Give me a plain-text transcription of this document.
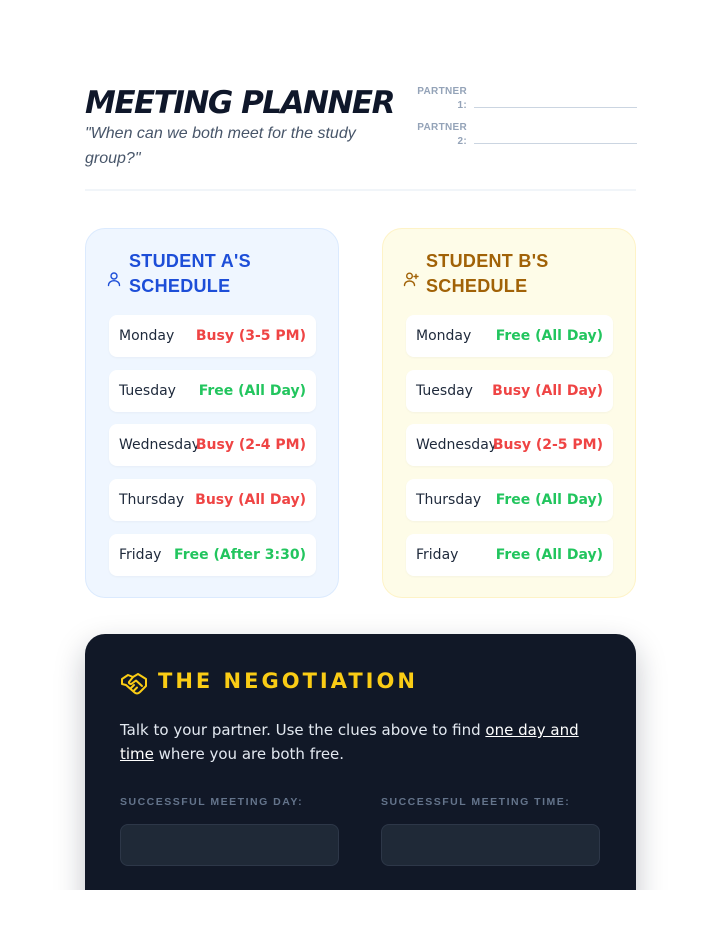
MEETING PLANNER
"When can we both meet for the study group?"
PARTNER 1:
PARTNER 2:
STUDENT A'S SCHEDULE
Monday Busy (3-5 PM)
Tuesday Free (All Day)
Wednesday
Busy (2-4 PM)
Thursday Busy (All Day)
Friday Free (After 3:30)
STUDENT B'S SCHEDULE
Monday Free (All Day)
Tuesday Busy (All Day)
Wednesday
Busy (2-5 PM)
Thursday Free (All Day)
Friday	Free (All Day)
THE NEGOTIATION
Talk to your partner. Use the clues above to find one day and time where you are both free.
SUCCESSFUL MEETING DAY:	SUCCESSFUL MEETING TIME:
